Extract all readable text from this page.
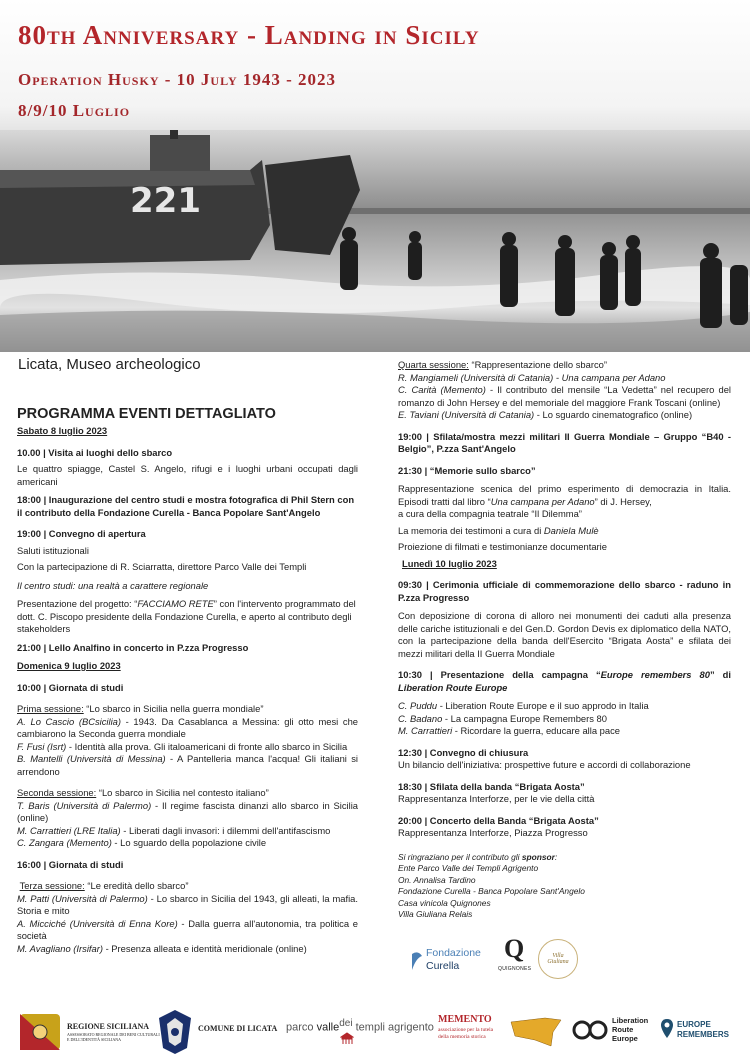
221
80th Anniversary - Landing in Sicily
Operation Husky - 10 July 1943 - 2023
8/9/10 Luglio
Licata, Museo archeologico

PROGRAMMA EVENTI DETTAGLIATO

Sabato 8 luglio 2023

10.00 | Visita ai luoghi dello sbarco

Le quattro spiagge, Castel S. Angelo, rifugi e i luoghi urbani occupati dagli americani

18:00 | Inaugurazione del centro studi e mostra fotografica di Phil Stern con il contributo della Fondazione Curella - Banca Popolare Sant'Angelo

19:00 | Convegno di apertura

Saluti istituzionali

Con la partecipazione di R. Sciarratta, direttore Parco Valle dei Templi

Il centro studi: una realtà a carattere regionale

Presentazione del progetto: “FACCIAMO RETE” con l'intervento programmato del dott. C. Piscopo presidente della Fondazione Curella, e aperto al contributo degli stakeholders

21:00 | Lello Analfino in concerto in P.zza Progresso

Domenica 9 luglio 2023

10:00 | Giornata di studi

Prima sessione: “Lo sbarco in Sicilia nella guerra mondiale”

A. Lo Cascio (BCsicilia) - 1943. Da Casablanca a Messina: gli otto mesi che cambiarono la Seconda guerra mondiale

F. Fusi (Isrt) - Identità alla prova. Gli italoamericani di fronte allo sbarco in Sicilia

B. Mantelli (Università di Messina) - A Pantelleria manca l'acqua! Gli italiani si arrendono

Seconda sessione: “Lo sbarco in Sicilia nel contesto italiano”

T. Baris (Università di Palermo) - Il regime fascista dinanzi allo sbarco in Sicilia (online)

M. Carrattieri (LRE Italia) - Liberati dagli invasori: i dilemmi dell'antifascismo

C. Zangara (Memento) - Lo sguardo della popolazione civile

16:00 | Giornata di studi

Terza sessione: “Le eredità dello sbarco”

M. Patti (Università di Palermo) - Lo sbarco in Sicilia del 1943, gli alleati, la mafia. Storia e mito

A. Micciché (Università di Enna Kore) - Dalla guerra all'autonomia, tra politica e società

M. Avagliano (Irsifar) - Presenza alleata e identità meridionale (online)

Quarta sessione: “Rappresentazione dello sbarco”

R. Mangiameli (Università di Catania) - Una campana per Adano

C. Carità (Memento) - Il contributo del mensile “La Vedetta” nel recupero del romanzo di John Hersey e del memoriale del maggiore Frank Toscani (online)

E. Taviani (Università di Catania) - Lo sguardo cinematografico (online)

19:00 | Sfilata/mostra mezzi militari II Guerra Mondiale – Gruppo “B40 - Belgio”, P.zza Sant'Angelo

21:30 | “Memorie sullo sbarco”

Rappresentazione scenica del primo esperimento di democrazia in Italia. Episodi tratti dal libro “Una campana per Adano” di J. Hersey,

a cura della compagnia teatrale “Il Dilemma”

La memoria dei testimoni a cura di Daniela Mulè

Proiezione di filmati e testimonianze documentarie

Lunedì 10 luglio 2023

09:30 | Cerimonia ufficiale di commemorazione dello sbarco - raduno in P.zza Progresso

Con deposizione di corona di alloro nei monumenti dei caduti alla presenza delle cariche istituzionali e del Gen.D. Gordon Devis ex diplomatico della NATO, con la partecipazione della banda dell'Esercito “Brigata Aosta” e sfilata dei mezzi militari della II Guerra Mondiale

10:30 | Presentazione della campagna “Europe remembers 80” di Liberation Route Europe

C. Puddu - Liberation Route Europe e il suo approdo in Italia

C. Badano - La campagna Europe Remembers 80

M. Carrattieri - Ricordare la guerra, educare alla pace

12:30 | Convegno di chiusura

Un bilancio dell'iniziativa: prospettive future e accordi di collaborazione

18:30 | Sfilata della banda “Brigata Aosta”

Rappresentanza Interforze, per le vie della città

20:00 | Concerto della Banda “Brigata Aosta”

Rappresentanza Interforze, Piazza Progresso

Si ringraziano per il contributo gli sponsor:

Ente Parco Valle dei Templi Agrigento

On. Annalisa Tardino

Fondazione Curella - Banca Popolare Sant'Angelo

Casa vinicola Quignones

Villa Giuliana Relais

Fondazione
Curella
Q
QUIGNONES
Villa Giuliana
REGIONE SICILIANA
ASSESSORATO REGIONALE DEI BENI CULTURALI
E DELL'IDENTITÀ SICILIANA
COMUNE DI LICATA parco valle$^{dei}$ templi agrigento
MEMENTO
associazione per la tutela
della memoria storica
Liberation
Route
Europe
EUROPE
REMEMBERS
